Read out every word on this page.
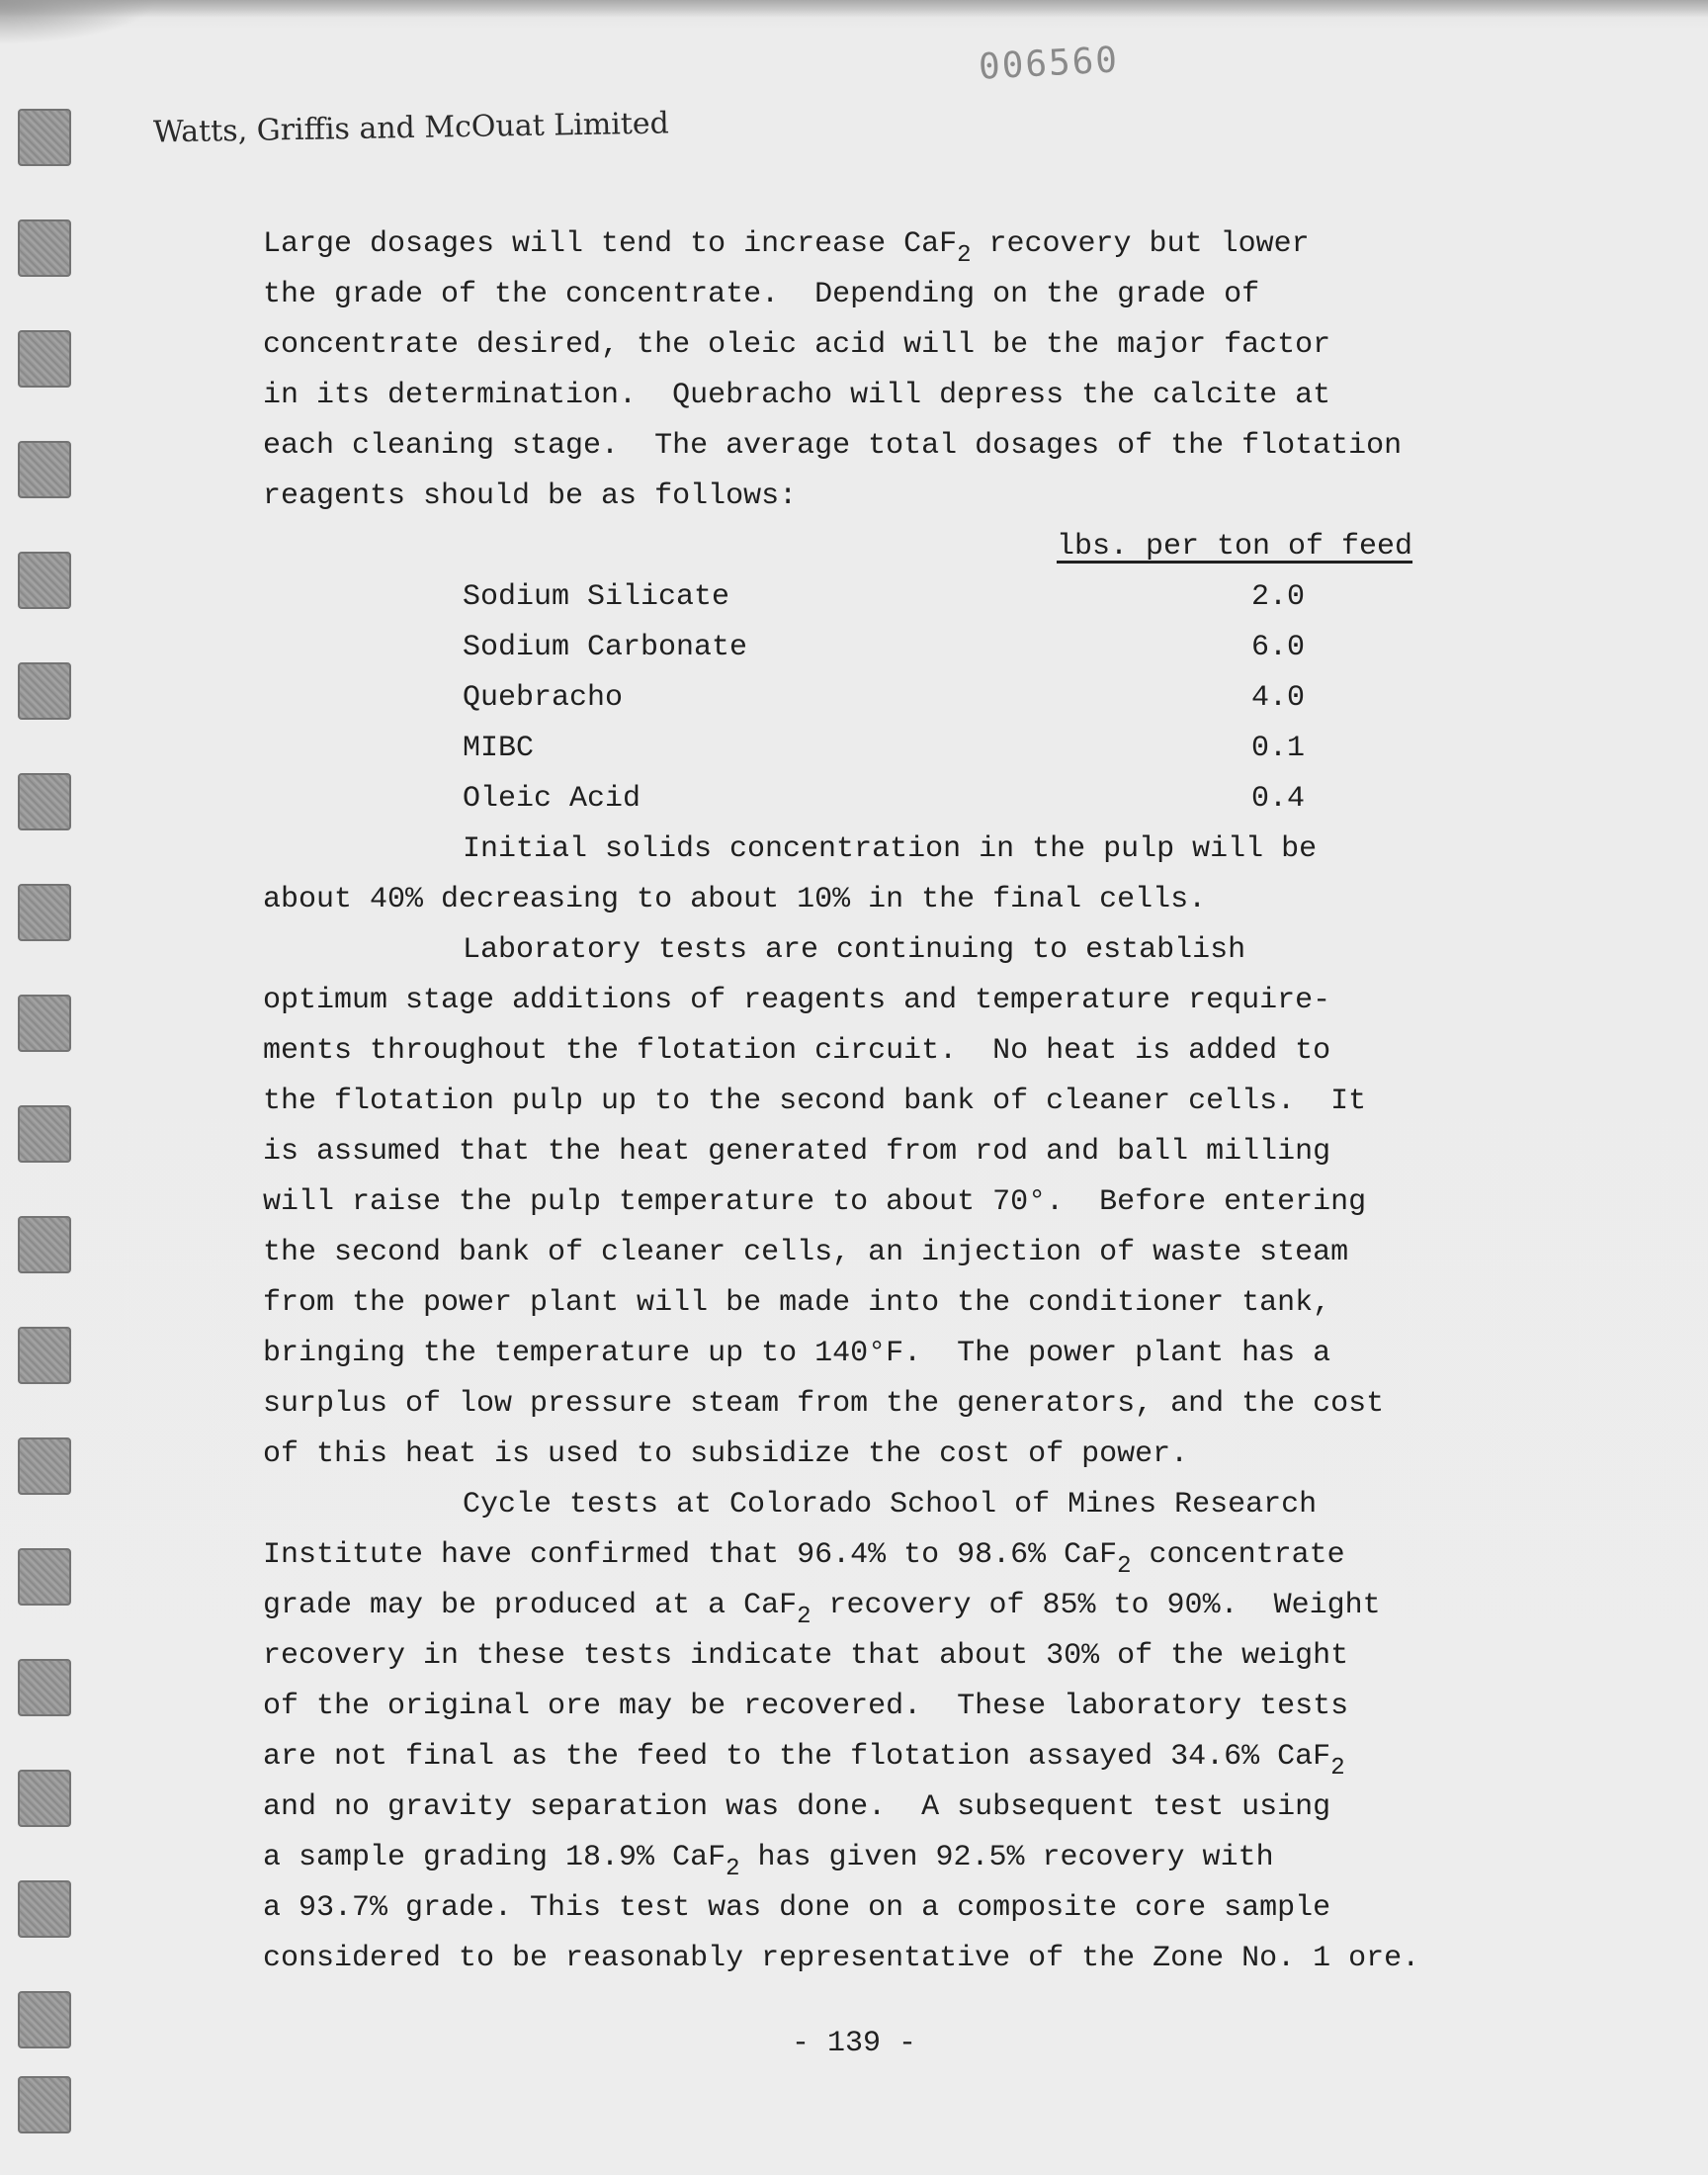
006560
Watts, Griffis and McOuat Limited
Large dosages will tend to increase CaF$_2$ recovery but lower
the grade of the concentrate.  Depending on the grade of
concentrate desired, the oleic acid will be the major factor
in its determination.  Quebracho will depress the calcite at
each cleaning stage.  The average total dosages of the flotation
reagents should be as follows:
lbs. per ton of feed
Sodium Silicate	2.0
Sodium Carbonate	6.0
Quebracho	4.0
MIBC	0.1
Oleic Acid	0.4
Initial solids concentration in the pulp will be
about 40% decreasing to about 10% in the final cells.
Laboratory tests are continuing to establish
optimum stage additions of reagents and temperature require-
ments throughout the flotation circuit.  No heat is added to
the flotation pulp up to the second bank of cleaner cells.  It
is assumed that the heat generated from rod and ball milling
will raise the pulp temperature to about 70°.  Before entering
the second bank of cleaner cells, an injection of waste steam
from the power plant will be made into the conditioner tank,
bringing the temperature up to 140°F.  The power plant has a
surplus of low pressure steam from the generators, and the cost
of this heat is used to subsidize the cost of power.
Cycle tests at Colorado School of Mines Research
Institute have confirmed that 96.4% to 98.6% CaF$_2$ concentrate
grade may be produced at a CaF$_2$ recovery of 85% to 90%.  Weight
recovery in these tests indicate that about 30% of the weight
of the original ore may be recovered.  These laboratory tests
are not final as the feed to the flotation assayed 34.6% CaF$_2$
and no gravity separation was done.  A subsequent test using
a sample grading 18.9% CaF$_2$ has given 92.5% recovery with
a 93.7% grade. This test was done on a composite core sample
considered to be reasonably representative of the Zone No. 1 ore.
- 139 -
